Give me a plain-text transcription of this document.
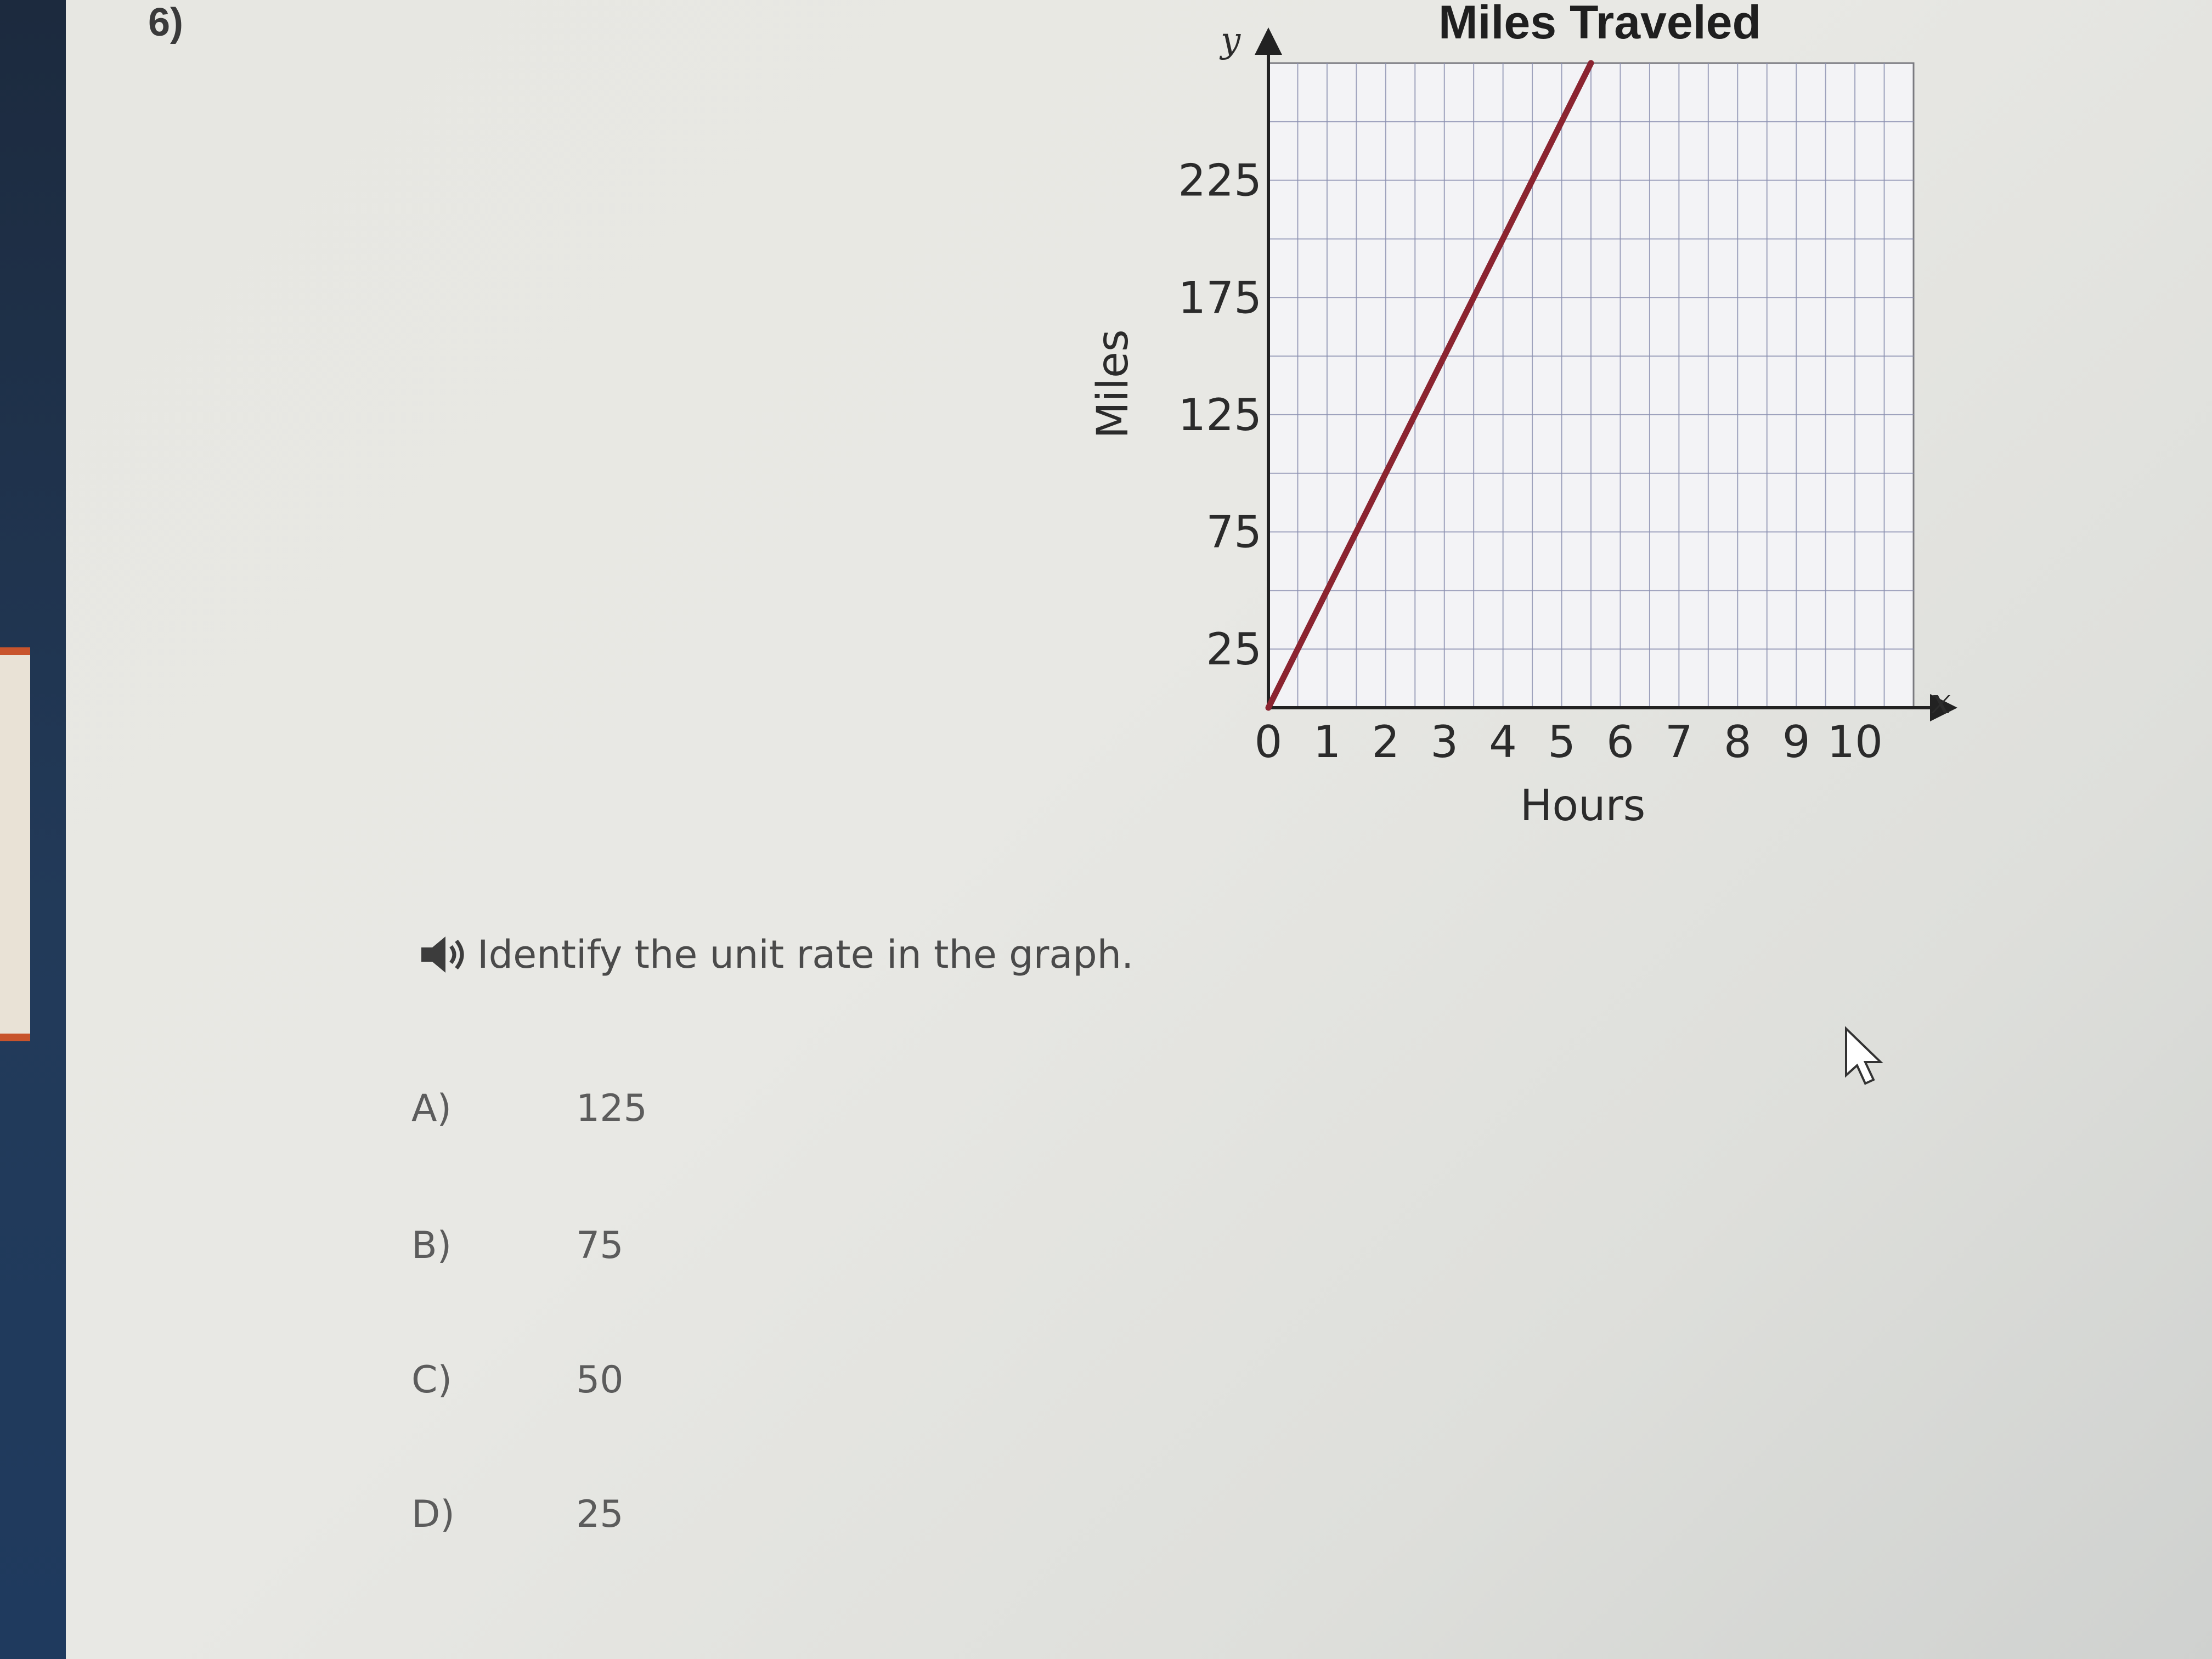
6)
0 1 2 3 4 5 6 7 8 9 10
25
75
125
175
225
Miles Traveled
Hours
Miles
x
y
Identify the unit rate in the graph.
A)	125
B)	75
C)	50
D)	25
